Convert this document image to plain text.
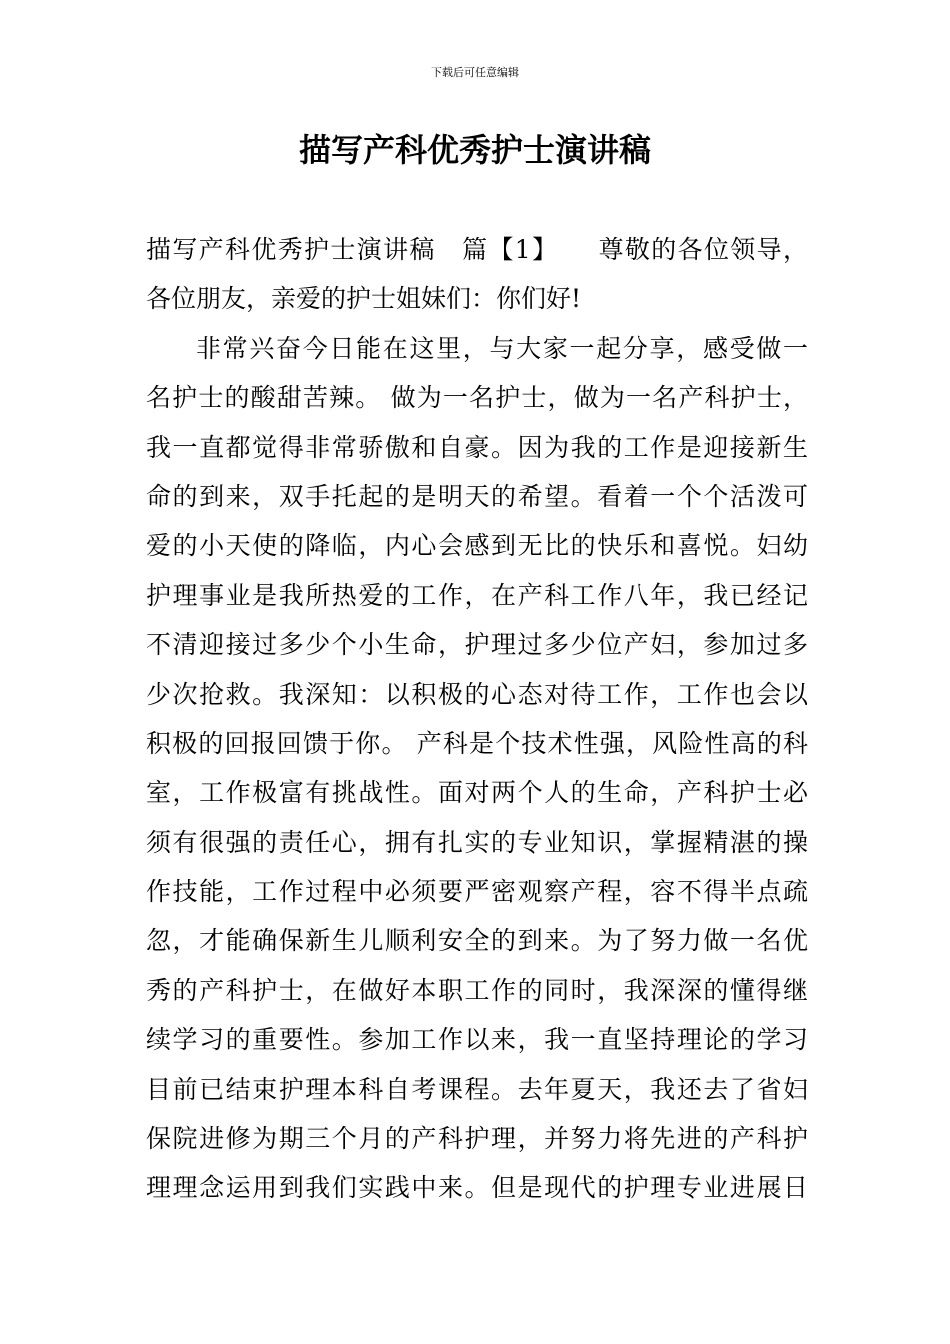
下载后可任意编辑
描写产科优秀护士演讲稿
描写产科优秀护士演讲稿　篇【1】　　尊敬的各位领导，
各位朋友，亲爱的护士姐妹们：你们好!
非常兴奋今日能在这里，与大家一起分享，感受做一
名护士的酸甜苦辣。 做为一名护士，做为一名产科护士，
我一直都觉得非常骄傲和自豪。因为我的工作是迎接新生
命的到来，双手托起的是明天的希望。看着一个个活泼可
爱的小天使的降临，内心会感到无比的快乐和喜悦。妇幼
护理事业是我所热爱的工作，在产科工作八年，我已经记
不清迎接过多少个小生命，护理过多少位产妇，参加过多
少次抢救。我深知：以积极的心态对待工作，工作也会以
积极的回报回馈于你。 产科是个技术性强，风险性高的科
室，工作极富有挑战性。面对两个人的生命，产科护士必
须有很强的责任心，拥有扎实的专业知识，掌握精湛的操
作技能，工作过程中必须要严密观察产程，容不得半点疏
忽，才能确保新生儿顺利安全的到来。为了努力做一名优
秀的产科护士，在做好本职工作的同时，我深深的懂得继
续学习的重要性。参加工作以来，我一直坚持理论的学习
目前已结束护理本科自考课程。去年夏天，我还去了省妇
保院进修为期三个月的产科护理，并努力将先进的产科护
理理念运用到我们实践中来。但是现代的护理专业进展日
